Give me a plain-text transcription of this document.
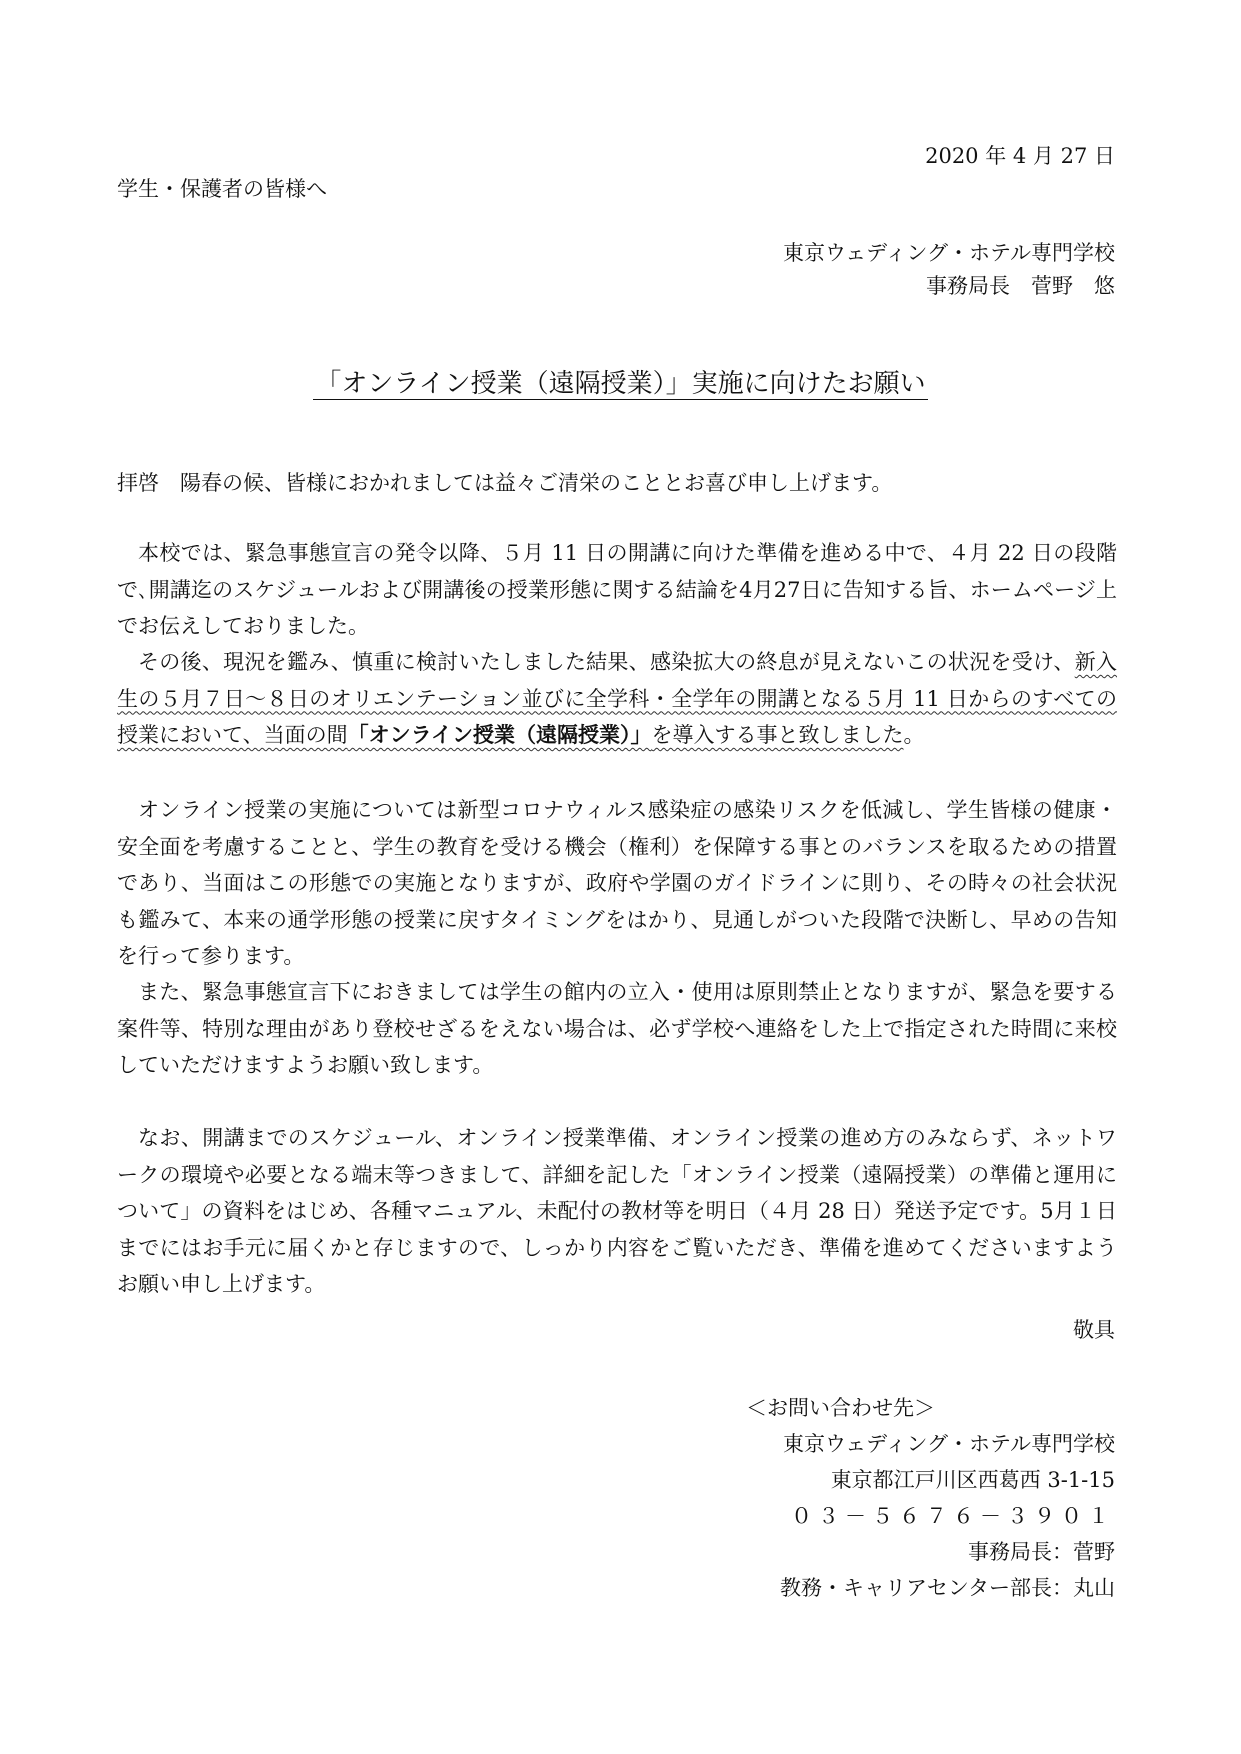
2020 年 4 月 27 日
学生・保護者の皆様へ
東京ウェディング・ホテル専門学校
事務局長　菅野　悠
「オンライン授業（遠隔授業）」実施に向けたお願い
拝啓　陽春の候、皆様におかれましては益々ご清栄のこととお喜び申し上げます。
本校では、緊急事態宣言の発令以降、５月 11 日の開講に向けた準備を進める中で、４月 22 日の段階で､開講迄のスケジュールおよび開講後の授業形態に関する結論を4月27日に告知する旨、ホームページ上でお伝えしておりました。
その後、現況を鑑み、慎重に検討いたしました結果、感染拡大の終息が見えないこの状況を受け、新入生の５月７日～８日のオリエンテーション並びに全学科・全学年の開講となる５月 11 日からのすべての授業において、当面の間「オンライン授業（遠隔授業）」を導入する事と致しました。
オンライン授業の実施については新型コロナウィルス感染症の感染リスクを低減し、学生皆様の健康・安全面を考慮することと、学生の教育を受ける機会（権利）を保障する事とのバランスを取るための措置であり、当面はこの形態での実施となりますが、政府や学園のガイドラインに則り、その時々の社会状況も鑑みて、本来の通学形態の授業に戻すタイミングをはかり、見通しがついた段階で決断し、早めの告知を行って参ります。
また、緊急事態宣言下におきましては学生の館内の立入・使用は原則禁止となりますが、緊急を要する案件等、特別な理由があり登校せざるをえない場合は、必ず学校へ連絡をした上で指定された時間に来校していただけますようお願い致します。
なお、開講までのスケジュール、オンライン授業準備、オンライン授業の進め方のみならず、ネットワークの環境や必要となる端末等つきまして、詳細を記した「オンライン授業（遠隔授業）の準備と運用について」の資料をはじめ、各種マニュアル、未配付の教材等を明日（４月 28 日）発送予定です。5月１日までにはお手元に届くかと存じますので、しっかり内容をご覧いただき、準備を進めてくださいますようお願い申し上げます。
敬具
＜お問い合わせ先＞
東京ウェディング・ホテル専門学校
東京都江戸川区西葛西 3-1-15
０３－５６７６－３９０１
事務局長：菅野
教務・キャリアセンター部長：丸山
